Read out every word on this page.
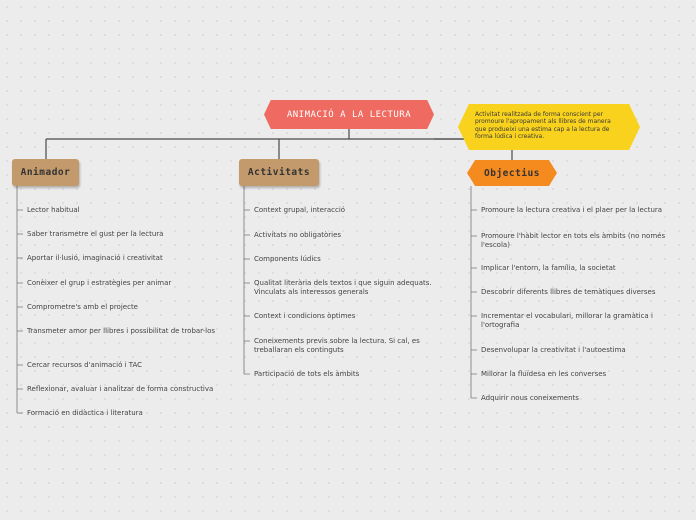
ANIMACIÓ A LA LECTURA	Activitat realitzada de forma conscient per promoure l'apropament als llibres de manera que produeixi una estima cap a la lectura de forma lúdica i creativa.
Animador	Activitats	Objectius
Lector habitual
Saber transmetre el gust per la lectura
Aportar il·lusió, imaginació i creativitat
Conèixer el grup i estratègies per animar
Comprometre's amb el projecte
Transmeter amor per llibres i possibilitat de trobar-los
Cercar recursos d'animació i TAC
Reflexionar, avaluar i analitzar de forma constructiva
Formació en didàctica i literatura
Context grupal, interacció
Activitats no obligatòries
Components lúdics
Qualitat literària dels textos i que siguin adequats. Vinculats als interessos generals
Context i condicions òptimes
Coneixements previs sobre la lectura. Si cal, es treballaran els continguts
Participació de tots els àmbits
Promoure la lectura creativa i el plaer per la lectura
Promoure l'hàbit lector en tots els àmbits (no només l'escola)
Implicar l'entorn, la família, la societat
Descobrir diferents llibres de temàtiques diverses
Incrementar el vocabulari, millorar la gramàtica i l'ortografia
Desenvolupar la creativitat i l'autoestima
Millorar la fluïdesa en les converses
Adquirir nous coneixements
